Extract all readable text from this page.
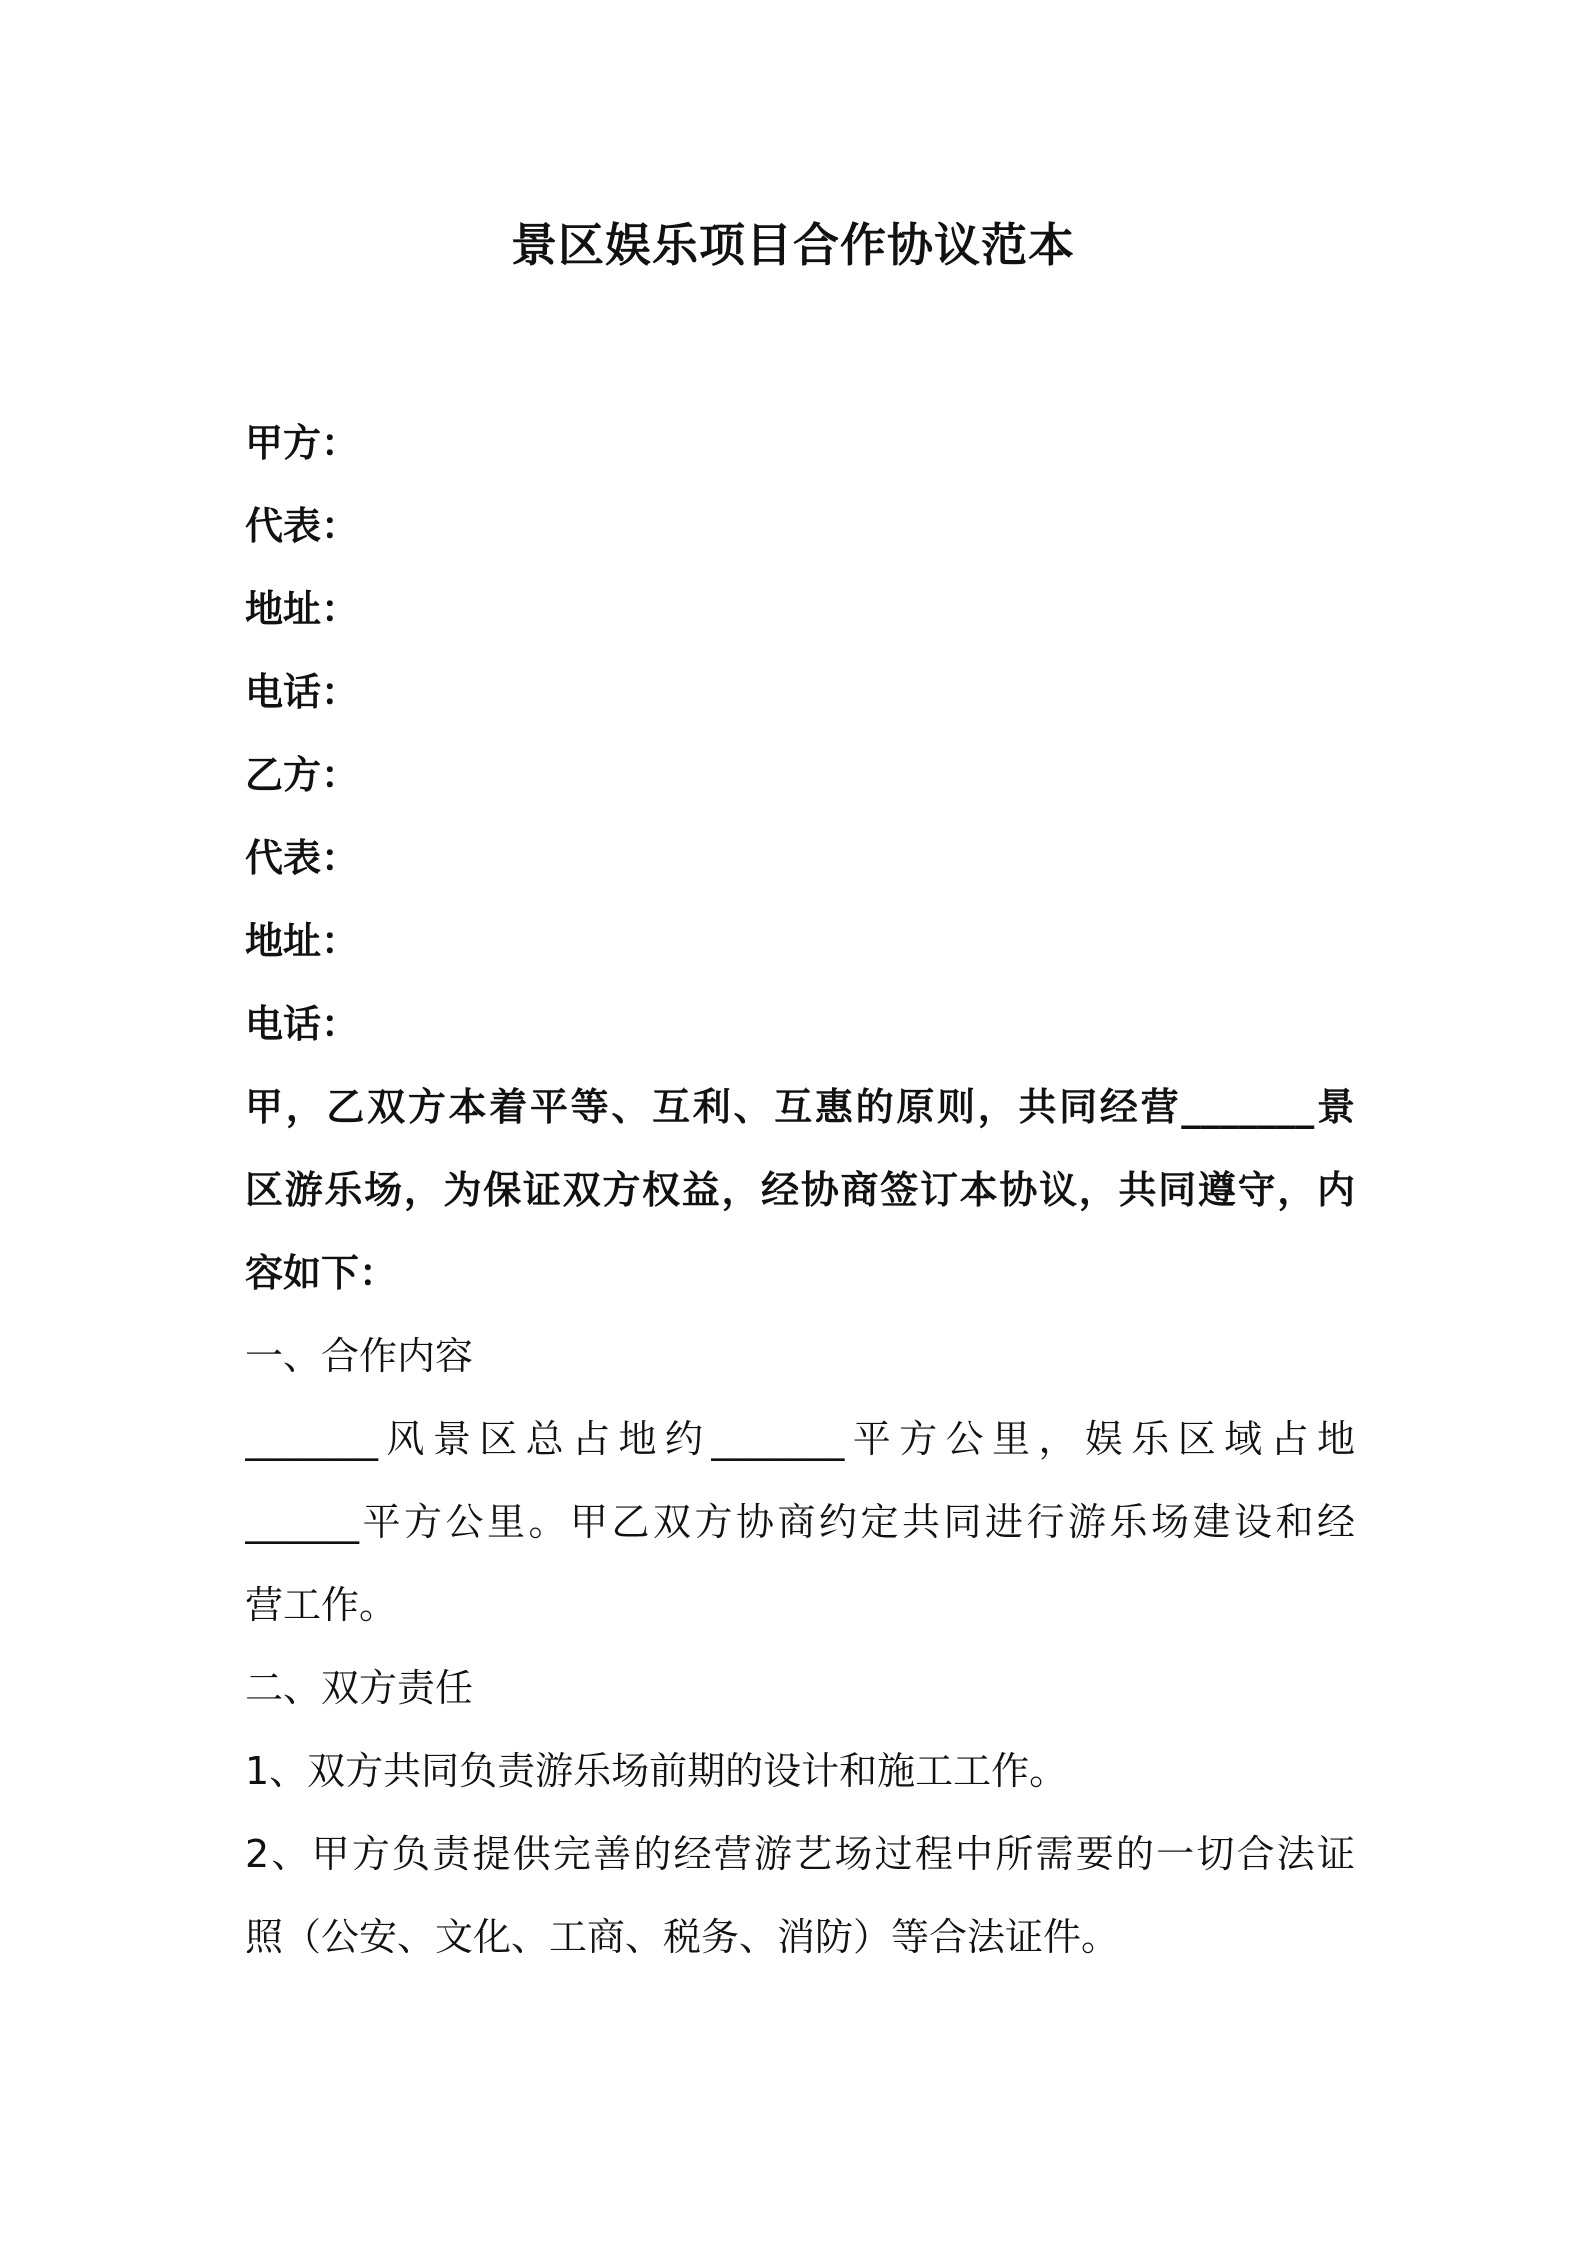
景区娱乐项目合作协议范本
甲方：
代表：
地址：
电话：
乙方：
代表：
地址：
电话：
甲，乙双方本着平等、互利、互惠的原则，共同经营_______景
区游乐场，为保证双方权益，经协商签订本协议，共同遵守，内
容如下：
一、合作内容
_______风景区总占地约_______平方公里，娱乐区域占地
______平方公里。甲乙双方协商约定共同进行游乐场建设和经
营工作。
二、双方责任
1、双方共同负责游乐场前期的设计和施工工作。
2、甲方负责提供完善的经营游艺场过程中所需要的一切合法证
照（公安、文化、工商、税务、消防）等合法证件。
